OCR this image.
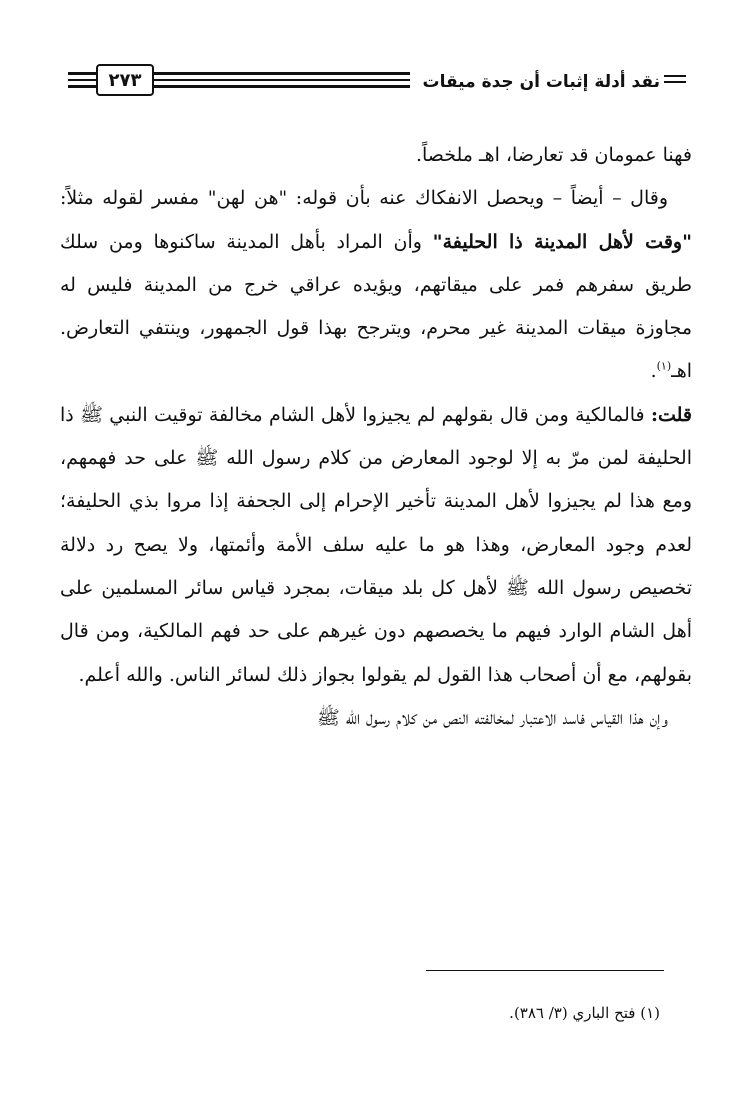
٢٧٣	نقد أدلة إثبات أن جدة ميقات

فهنا عمومان قد تعارضا، اهـ ملخصاً.

وقال – أيضاً – ويحصل الانفكاك عنه بأن قوله: "هن لهن" مفسر لقوله مثلاً: "وقت لأهل المدينة ذا الحليفة" وأن المراد بأهل المدينة ساكنوها ومن سلك طريق سفرهم فمر على ميقاتهم، ويؤيده عراقي خرج من المدينة فليس له مجاوزة ميقات المدينة غير محرم، ويترجح بهذا قول الجمهور، وينتفي التعارض. اهـ$^{(١)}$.

قلت: فالمالكية ومن قال بقولهم لم يجيزوا لأهل الشام مخالفة توقيت النبي ﷺ ذا الحليفة لمن مرّ به إلا لوجود المعارض من كلام رسول الله ﷺ على حد فهمهم، ومع هذا لم يجيزوا لأهل المدينة تأخير الإحرام إلى الجحفة إذا مروا بذي الحليفة؛ لعدم وجود المعارض، وهذا هو ما عليه سلف الأمة وأئمتها، ولا يصح رد دلالة تخصيص رسول الله ﷺ لأهل كل بلد ميقات، بمجرد قياس سائر المسلمين على أهل الشام الوارد فيهم ما يخصصهم دون غيرهم على حد فهم المالكية، ومن قال بقولهم، مع أن أصحاب هذا القول لم يقولوا بجواز ذلك لسائر الناس. والله أعلم.

وإن هذا القياس فاسد الاعتبار لمخالفته النص من كلام رسول الله ﷺ

(١) فتح الباري (٣/ ٣٨٦).
